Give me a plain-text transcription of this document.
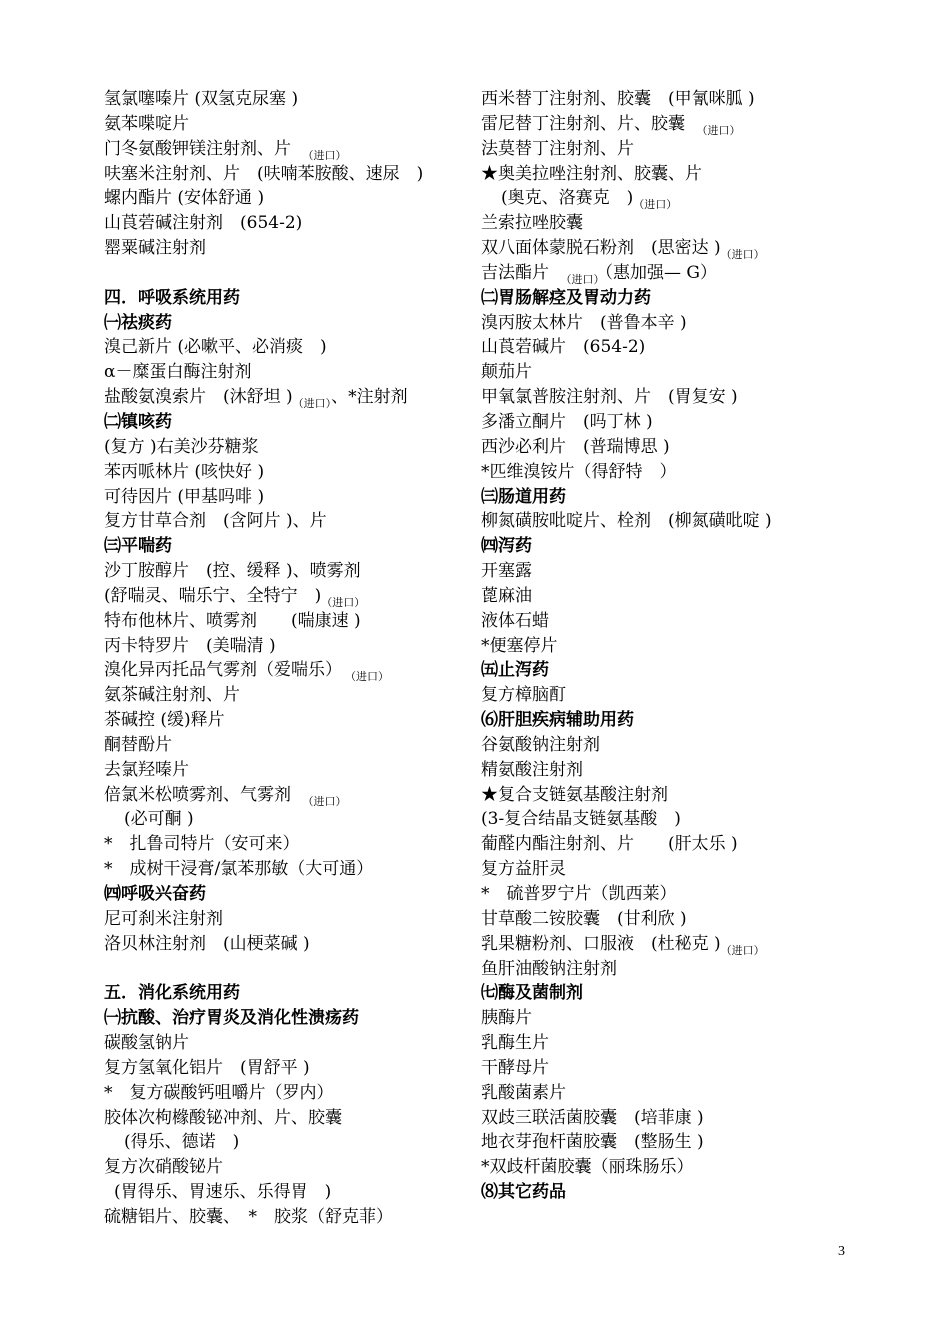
氢氯噻嗪片 (双氢克尿塞 )
氨苯喋啶片
门冬氨酸钾镁注射剂、片　$_{(进口)}$
呋塞米注射剂、片　(呋喃苯胺酸、速尿　)
螺内酯片 (安体舒通 )
山莨菪碱注射剂　(654-2)
罂粟碱注射剂
四．呼吸系统用药
㈠祛痰药
溴己新片 (必嗽平、必消痰　)
α－糜蛋白酶注射剂
盐酸氨溴索片　(沐舒坦 )$_{(进口)}$、*注射剂
㈡镇咳药
(复方 )右美沙芬糖浆
苯丙哌林片 (咳快好 )
可待因片 (甲基吗啡 )
复方甘草合剂　(含阿片 )、片
㈢平喘药
沙丁胺醇片　(控、缓释 )、喷雾剂
(舒喘灵、喘乐宁、全特宁　)$_{(进口)}$
特布他林片、喷雾剂　　(喘康速 )
丙卡特罗片　(美喘清 )
溴化异丙托品气雾剂（爱喘乐）　$_{(进口)}$
氨茶碱注射剂、片
茶碱控 (缓)释片
酮替酚片
去氯羟嗪片
倍氯米松喷雾剂、气雾剂　$_{(进口)}$
(必可酮 )
*　扎鲁司特片（安可来）
*　成树干浸膏/氯苯那敏（大可通）
㈣呼吸兴奋药
尼可刹米注射剂
洛贝林注射剂　(山梗菜碱 )
五．消化系统用药
㈠抗酸、治疗胃炎及消化性溃疡药
碳酸氢钠片
复方氢氧化铝片　(胃舒平 )
*　复方碳酸钙咀嚼片（罗内）
胶体次枸橼酸铋冲剂、片、胶囊
(得乐、德诺　)
复方次硝酸铋片
(胃得乐、胃速乐、乐得胃　)
硫糖铝片、胶囊、　*　胶浆（舒克菲）
西米替丁注射剂、胶囊　(甲氰咪胍 )
雷尼替丁注射剂、片、胶囊　$_{(进口)}$
法莫替丁注射剂、片
★奥美拉唑注射剂、胶囊、片
(奥克、洛赛克　)$_{(进口)}$
兰索拉唑胶囊
双八面体蒙脱石粉剂　(思密达 )$_{(进口)}$
吉法酯片　$_{(进口)}$（惠加强— G）
㈡胃肠解痉及胃动力药
溴丙胺太林片　(普鲁本辛 )
山莨菪碱片　(654-2)
颠茄片
甲氧氯普胺注射剂、片　(胃复安 )
多潘立酮片　(吗丁林 )
西沙必利片　(普瑞博思 )
*匹维溴铵片（得舒特　）
㈢肠道用药
柳氮磺胺吡啶片、栓剂　(柳氮磺吡啶 )
㈣泻药
开塞露
蓖麻油
液体石蜡
*便塞停片
㈤止泻药
复方樟脑酊
⑹肝胆疾病辅助用药
谷氨酸钠注射剂
精氨酸注射剂
★复合支链氨基酸注射剂
(3-复合结晶支链氨基酸　)
葡醛内酯注射剂、片　　(肝太乐 )
复方益肝灵
*　硫普罗宁片（凯西莱）
甘草酸二铵胶囊　(甘利欣 )
乳果糖粉剂、口服液　(杜秘克 )$_{(进口)}$
鱼肝油酸钠注射剂
㈦酶及菌制剂
胰酶片
乳酶生片
干酵母片
乳酸菌素片
双歧三联活菌胶囊　(培菲康 )
地衣芽孢杆菌胶囊　(整肠生 )
*双歧杆菌胶囊（丽珠肠乐）
⑻其它药品
3
